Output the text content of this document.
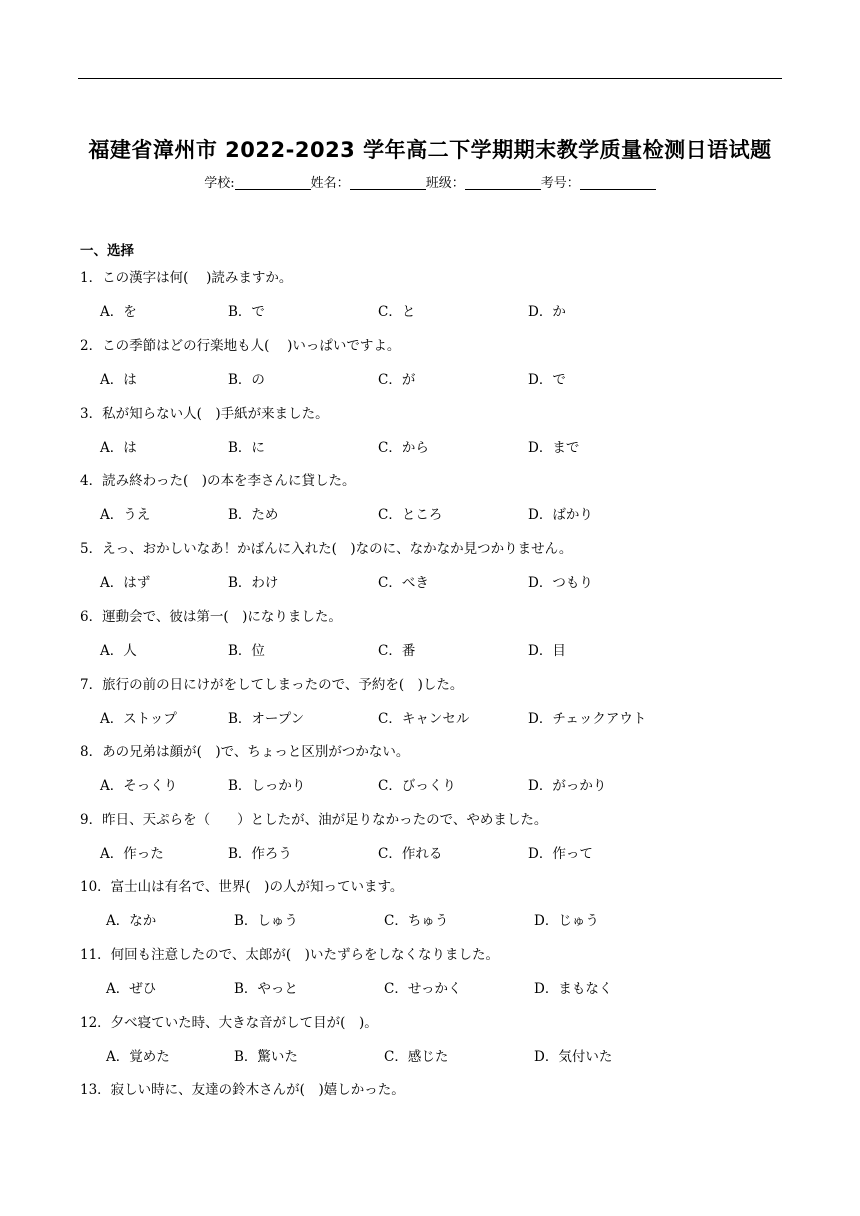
福建省漳州市 2022-2023 学年高二下学期期末教学质量检测日语试题
学校:	姓名：	班级：	考号：
一、选择
1．この漢字は何(　 )読みますか。
A．を	B．で	C．と	D．か
2．この季節はどの行楽地も人(　 )いっぱいですよ。
A．は	B．の	C．が	D．で
3．私が知らない人(　)手紙が来ました。
A．は	B．に	C．から	D．まで
4．読み終わった(　)の本を李さんに貸した。
A．うえ	B．ため	C．ところ	D．ばかり
5．えっ、おかしいなあ！かばんに入れた(　)なのに、なかなか見つかりません。
A．はず	B．わけ	C．べき	D．つもり
6．運動会で、彼は第一(　)になりました。
A．人	B．位	C．番	D．目
7．旅行の前の日にけがをしてしまったので、予約を(　)した。
A．ストップ	B．オープン	C．キャンセル	D．チェックアウト
8．あの兄弟は顔が(　)で、ちょっと区別がつかない。
A．そっくり	B．しっかり	C．びっくり	D．がっかり
9．昨日、天ぷらを（　　）としたが、油が足りなかったので、やめました。
A．作った	B．作ろう	C．作れる	D．作って
10．富士山は有名で、世界(　)の人が知っています。
A．なか	B．しゅう	C．ちゅう	D．じゅう
11．何回も注意したので、太郎が(　)いたずらをしなくなりました。
A．ぜひ	B．やっと	C．せっかく	D．まもなく
12．夕べ寝ていた時、大きな音がして目が(　)。
A．覚めた	B．驚いた	C．感じた	D．気付いた
13．寂しい時に、友達の鈴木さんが(　)嬉しかった。
